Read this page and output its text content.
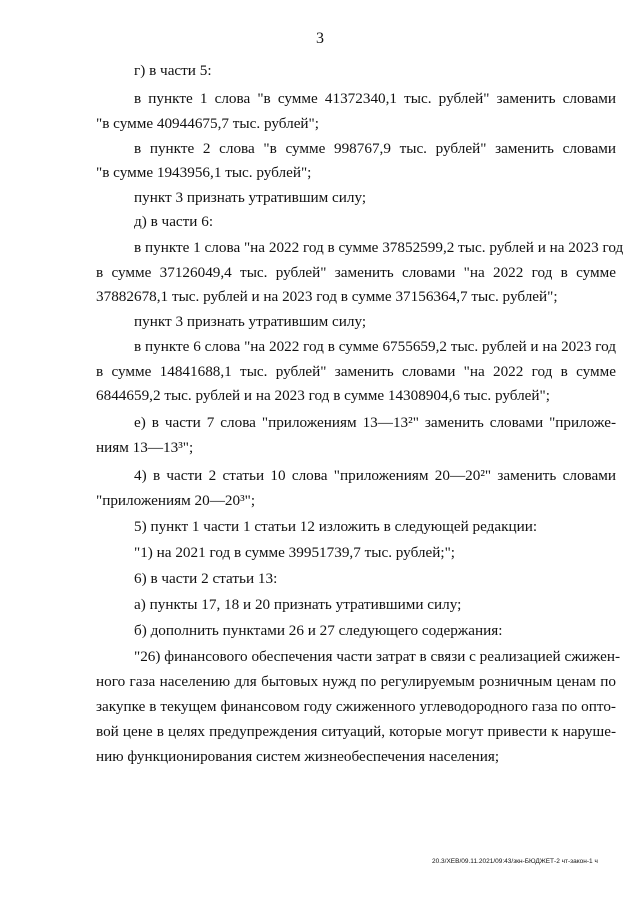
3
г) в части 5:
в пункте 1 слова "в сумме 41372340,1 тыс. рублей" заменить словами
"в сумме 40944675,7 тыс. рублей";
в пункте 2 слова "в сумме 998767,9 тыс. рублей" заменить словами
"в сумме 1943956,1 тыс. рублей";
пункт 3 признать утратившим силу;
д) в части 6:
в пункте 1 слова "на 2022 год в сумме 37852599,2 тыс. рублей и на 2023 год
в сумме 37126049,4 тыс. рублей" заменить словами "на 2022 год в сумме
37882678,1 тыс. рублей и на 2023 год в сумме 37156364,7 тыс. рублей";
пункт 3 признать утратившим силу;
в пункте 6 слова "на 2022 год в сумме 6755659,2 тыс. рублей и на 2023 год
в сумме 14841688,1 тыс. рублей" заменить словами "на 2022 год в сумме
6844659,2 тыс. рублей и на 2023 год в сумме 14308904,6 тыс. рублей";
е) в части 7 слова "приложениям 13—13²" заменить словами "приложе-
ниям 13—13³";
4) в части 2 статьи 10 слова "приложениям 20—20²" заменить словами
"приложениям 20—20³";
5) пункт 1 части 1 статьи 12 изложить в следующей редакции:
"1) на 2021 год в сумме 39951739,7 тыс. рублей;";
6) в части 2 статьи 13:
а) пункты 17, 18 и 20 признать утратившими силу;
б) дополнить пунктами 26 и 27 следующего содержания:
"26) финансового обеспечения части затрат в связи с реализацией сжижен-
ного газа населению для бытовых нужд по регулируемым розничным ценам по
закупке в текущем финансовом году сжиженного углеводородного газа по опто-
вой цене в целях предупреждения ситуаций, которые могут привести к наруше-
нию функционирования систем жизнеобеспечения населения;
20.3/ХЕВ/09.11.2021/09:43/зкн-БЮДЖЕТ-2 чт-закон-1 ч
